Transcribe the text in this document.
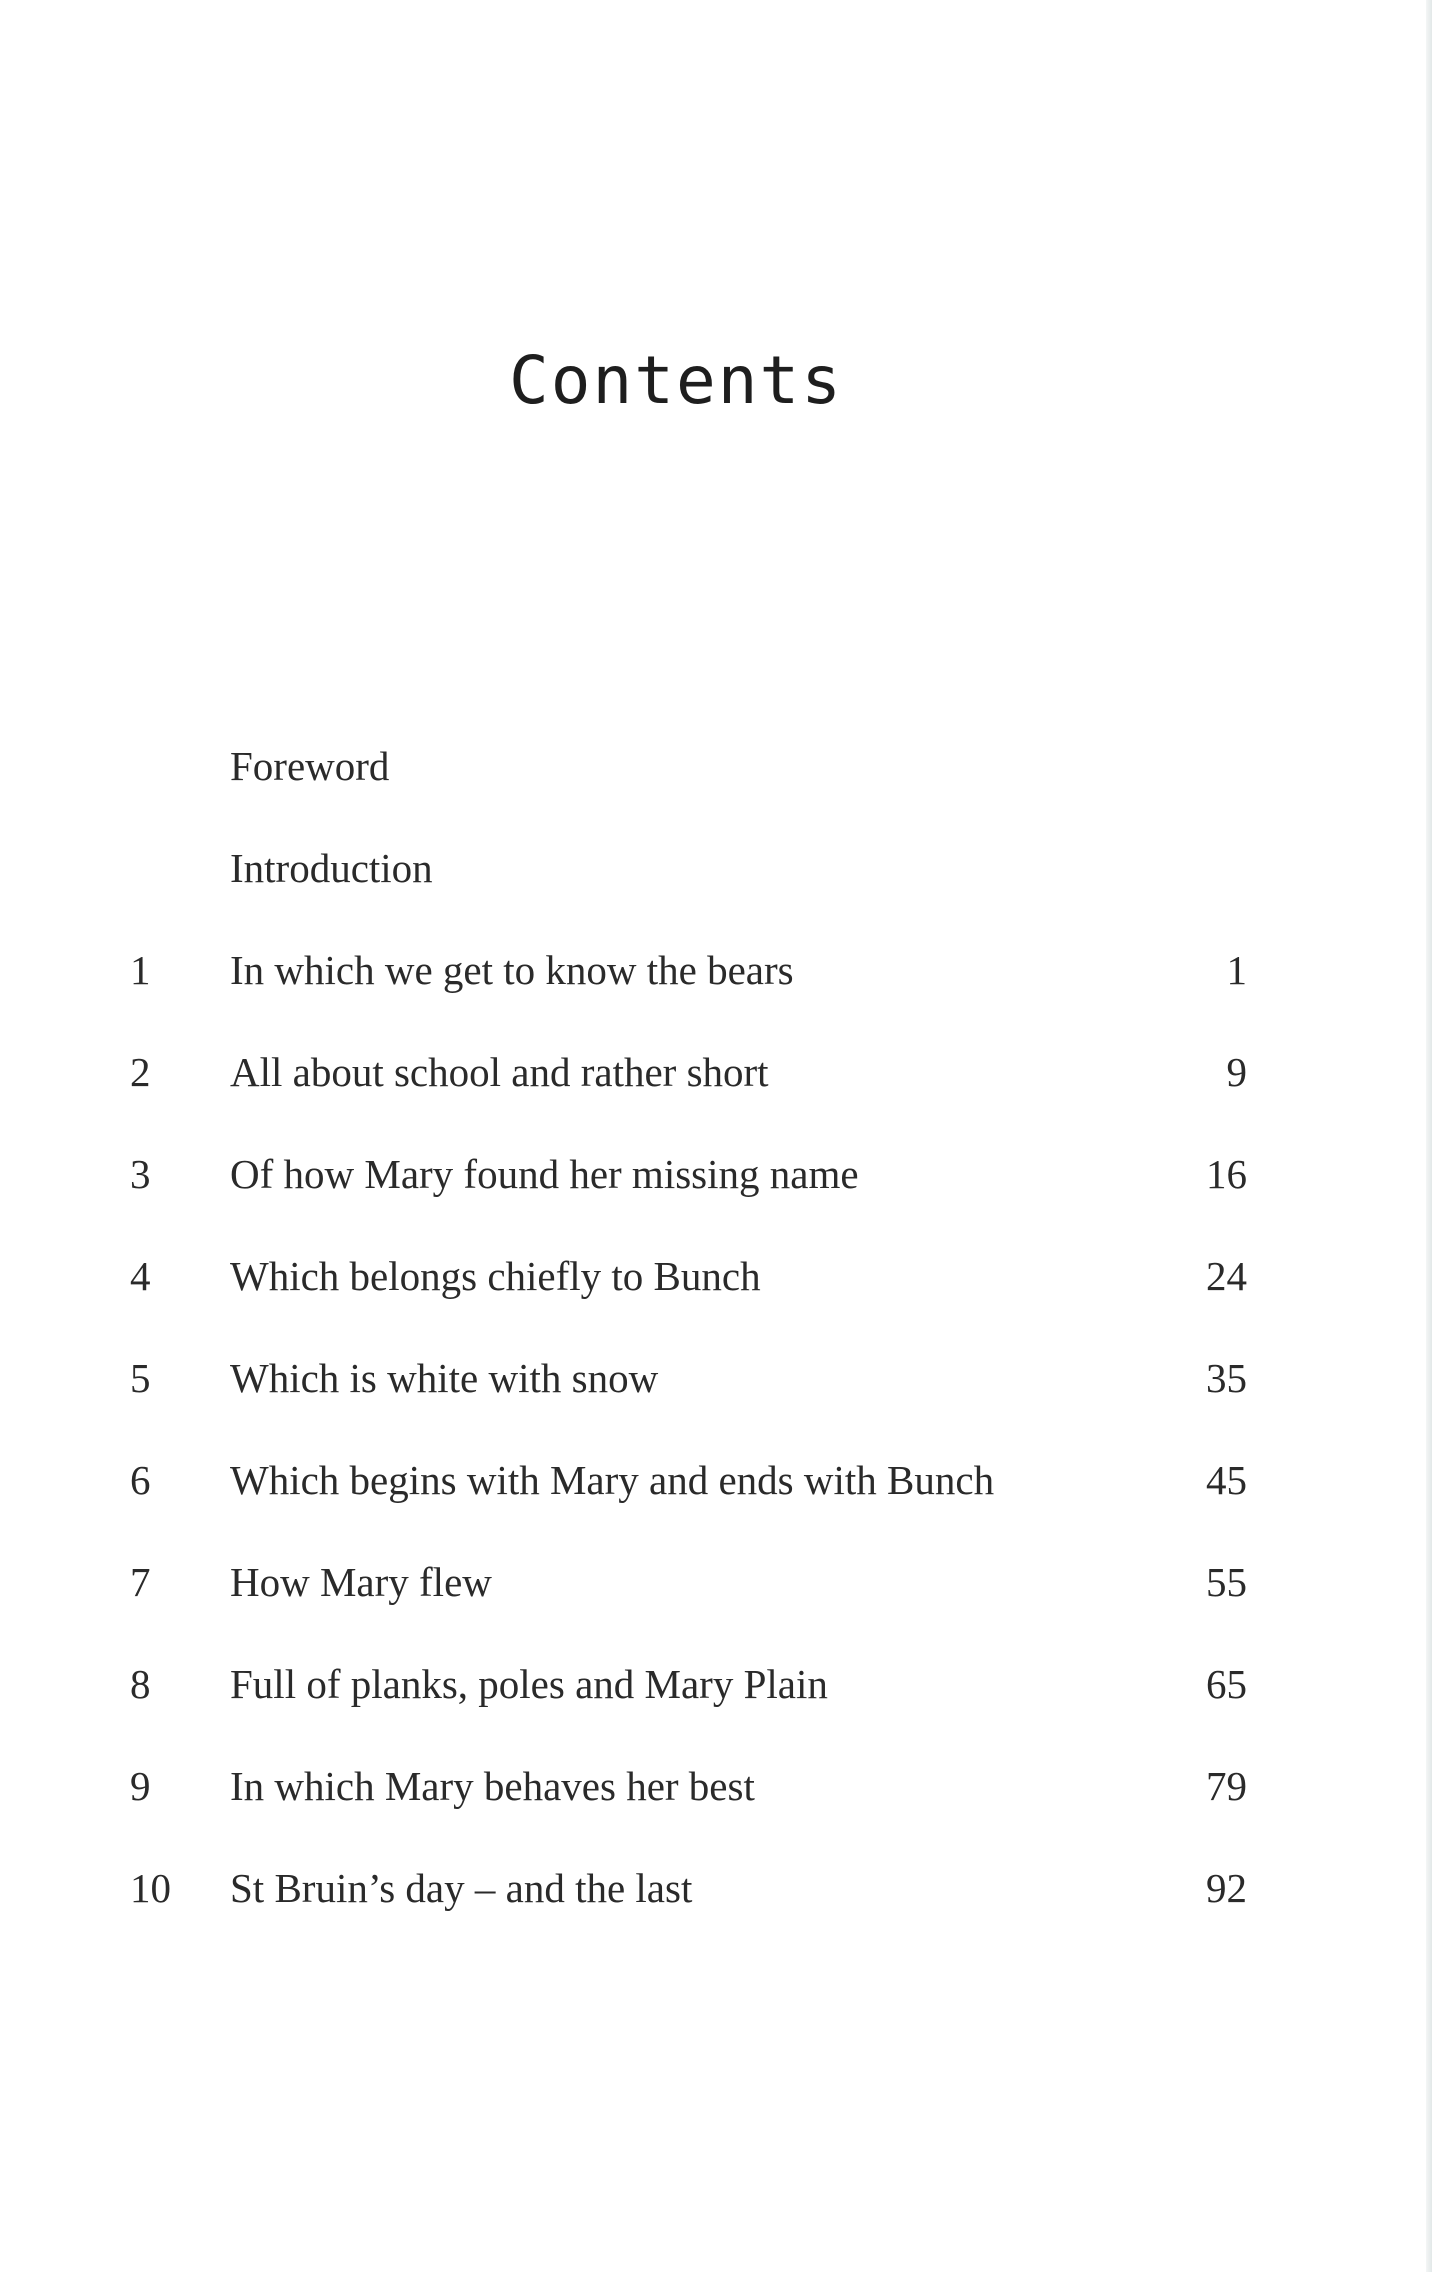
Contents
Foreword
Introduction
1	In which we get to know the bears	1
2	All about school and rather short	9
3	Of how Mary found her missing name	16
4	Which belongs chiefly to Bunch	24
5	Which is white with snow	35
6	Which begins with Mary and ends with Bunch	45
7	How Mary flew	55
8	Full of planks, poles and Mary Plain	65
9	In which Mary behaves her best	79
10	St Bruin’s day – and the last	92
